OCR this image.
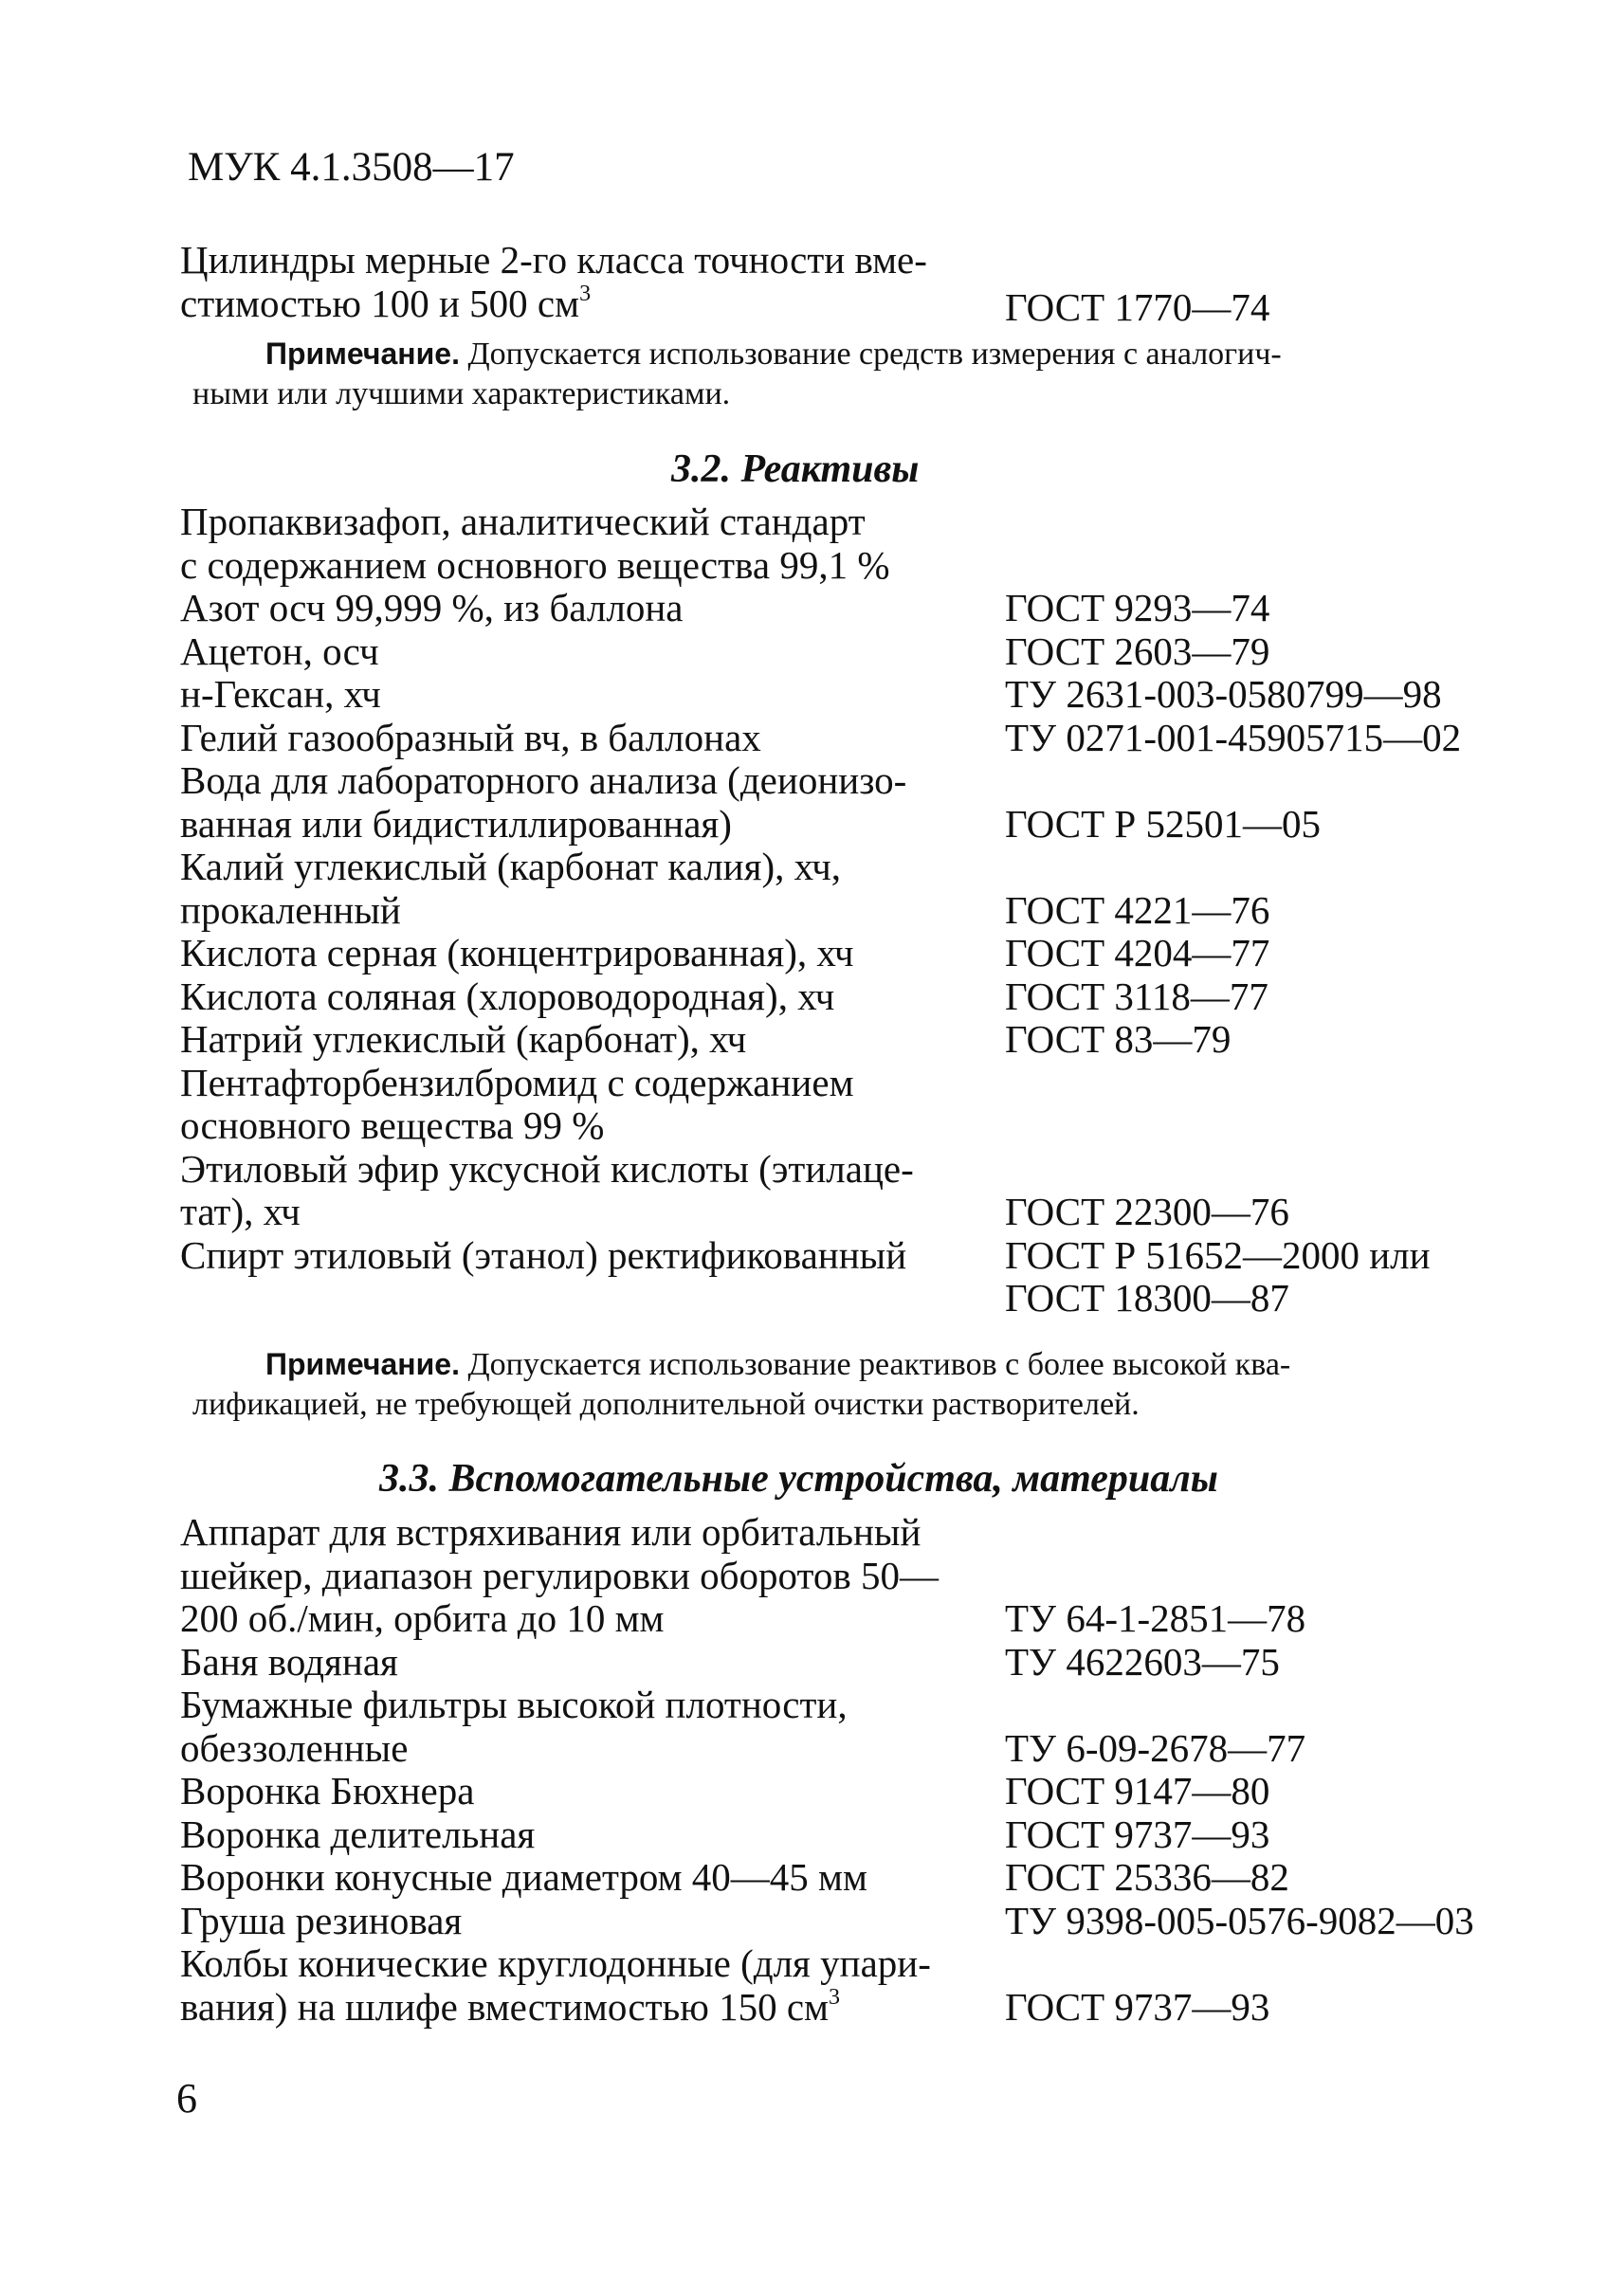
МУК 4.1.3508—17
Цилиндры мерные 2-го класса точности вме-
стимостью 100 и 500 $см^3$	ГОСТ 1770—74
Примечание. Допускается использование средств измерения с аналогич-
ными или лучшими характеристиками.
3.2. Реактивы
Пропаквизафоп, аналитический стандарт
с содержанием основного вещества 99,1 %
Азот осч 99,999 %, из баллона	ГОСТ 9293—74
Ацетон, осч	ГОСТ 2603—79
н-Гексан, хч	ТУ 2631-003-0580799—98
Гелий газообразный вч, в баллонах	ТУ 0271-001-45905715—02
Вода для лабораторного анализа (деионизо-
ванная или бидистиллированная)	ГОСТ Р 52501—05
Калий углекислый (карбонат калия), хч,
прокаленный	ГОСТ 4221—76
Кислота серная (концентрированная), хч	ГОСТ 4204—77
Кислота соляная (хлороводородная), хч	ГОСТ 3118—77
Натрий углекислый (карбонат), хч	ГОСТ 83—79
Пентафторбензилбромид с содержанием
основного вещества 99 %
Этиловый эфир уксусной кислоты (этилаце-
тат), хч	ГОСТ 22300—76
Спирт этиловый (этанол) ректификованный	ГОСТ Р 51652—2000 или
ГОСТ 18300—87
Примечание. Допускается использование реактивов с более высокой ква-
лификацией, не требующей дополнительной очистки растворителей.
3.3. Вспомогательные устройства, материалы
Аппарат для встряхивания или орбитальный
шейкер, диапазон регулировки оборотов 50—
200 об./мин, орбита до 10 мм	ТУ 64-1-2851—78
Баня водяная	ТУ 4622603—75
Бумажные фильтры высокой плотности,
обеззоленные	ТУ 6-09-2678—77
Воронка Бюхнера	ГОСТ 9147—80
Воронка делительная	ГОСТ 9737—93
Воронки конусные диаметром 40—45 мм	ГОСТ 25336—82
Груша резиновая	ТУ 9398-005-0576-9082—03
Колбы конические круглодонные (для упари-
вания) на шлифе вместимостью 150 $см^3$	ГОСТ 9737—93
6
